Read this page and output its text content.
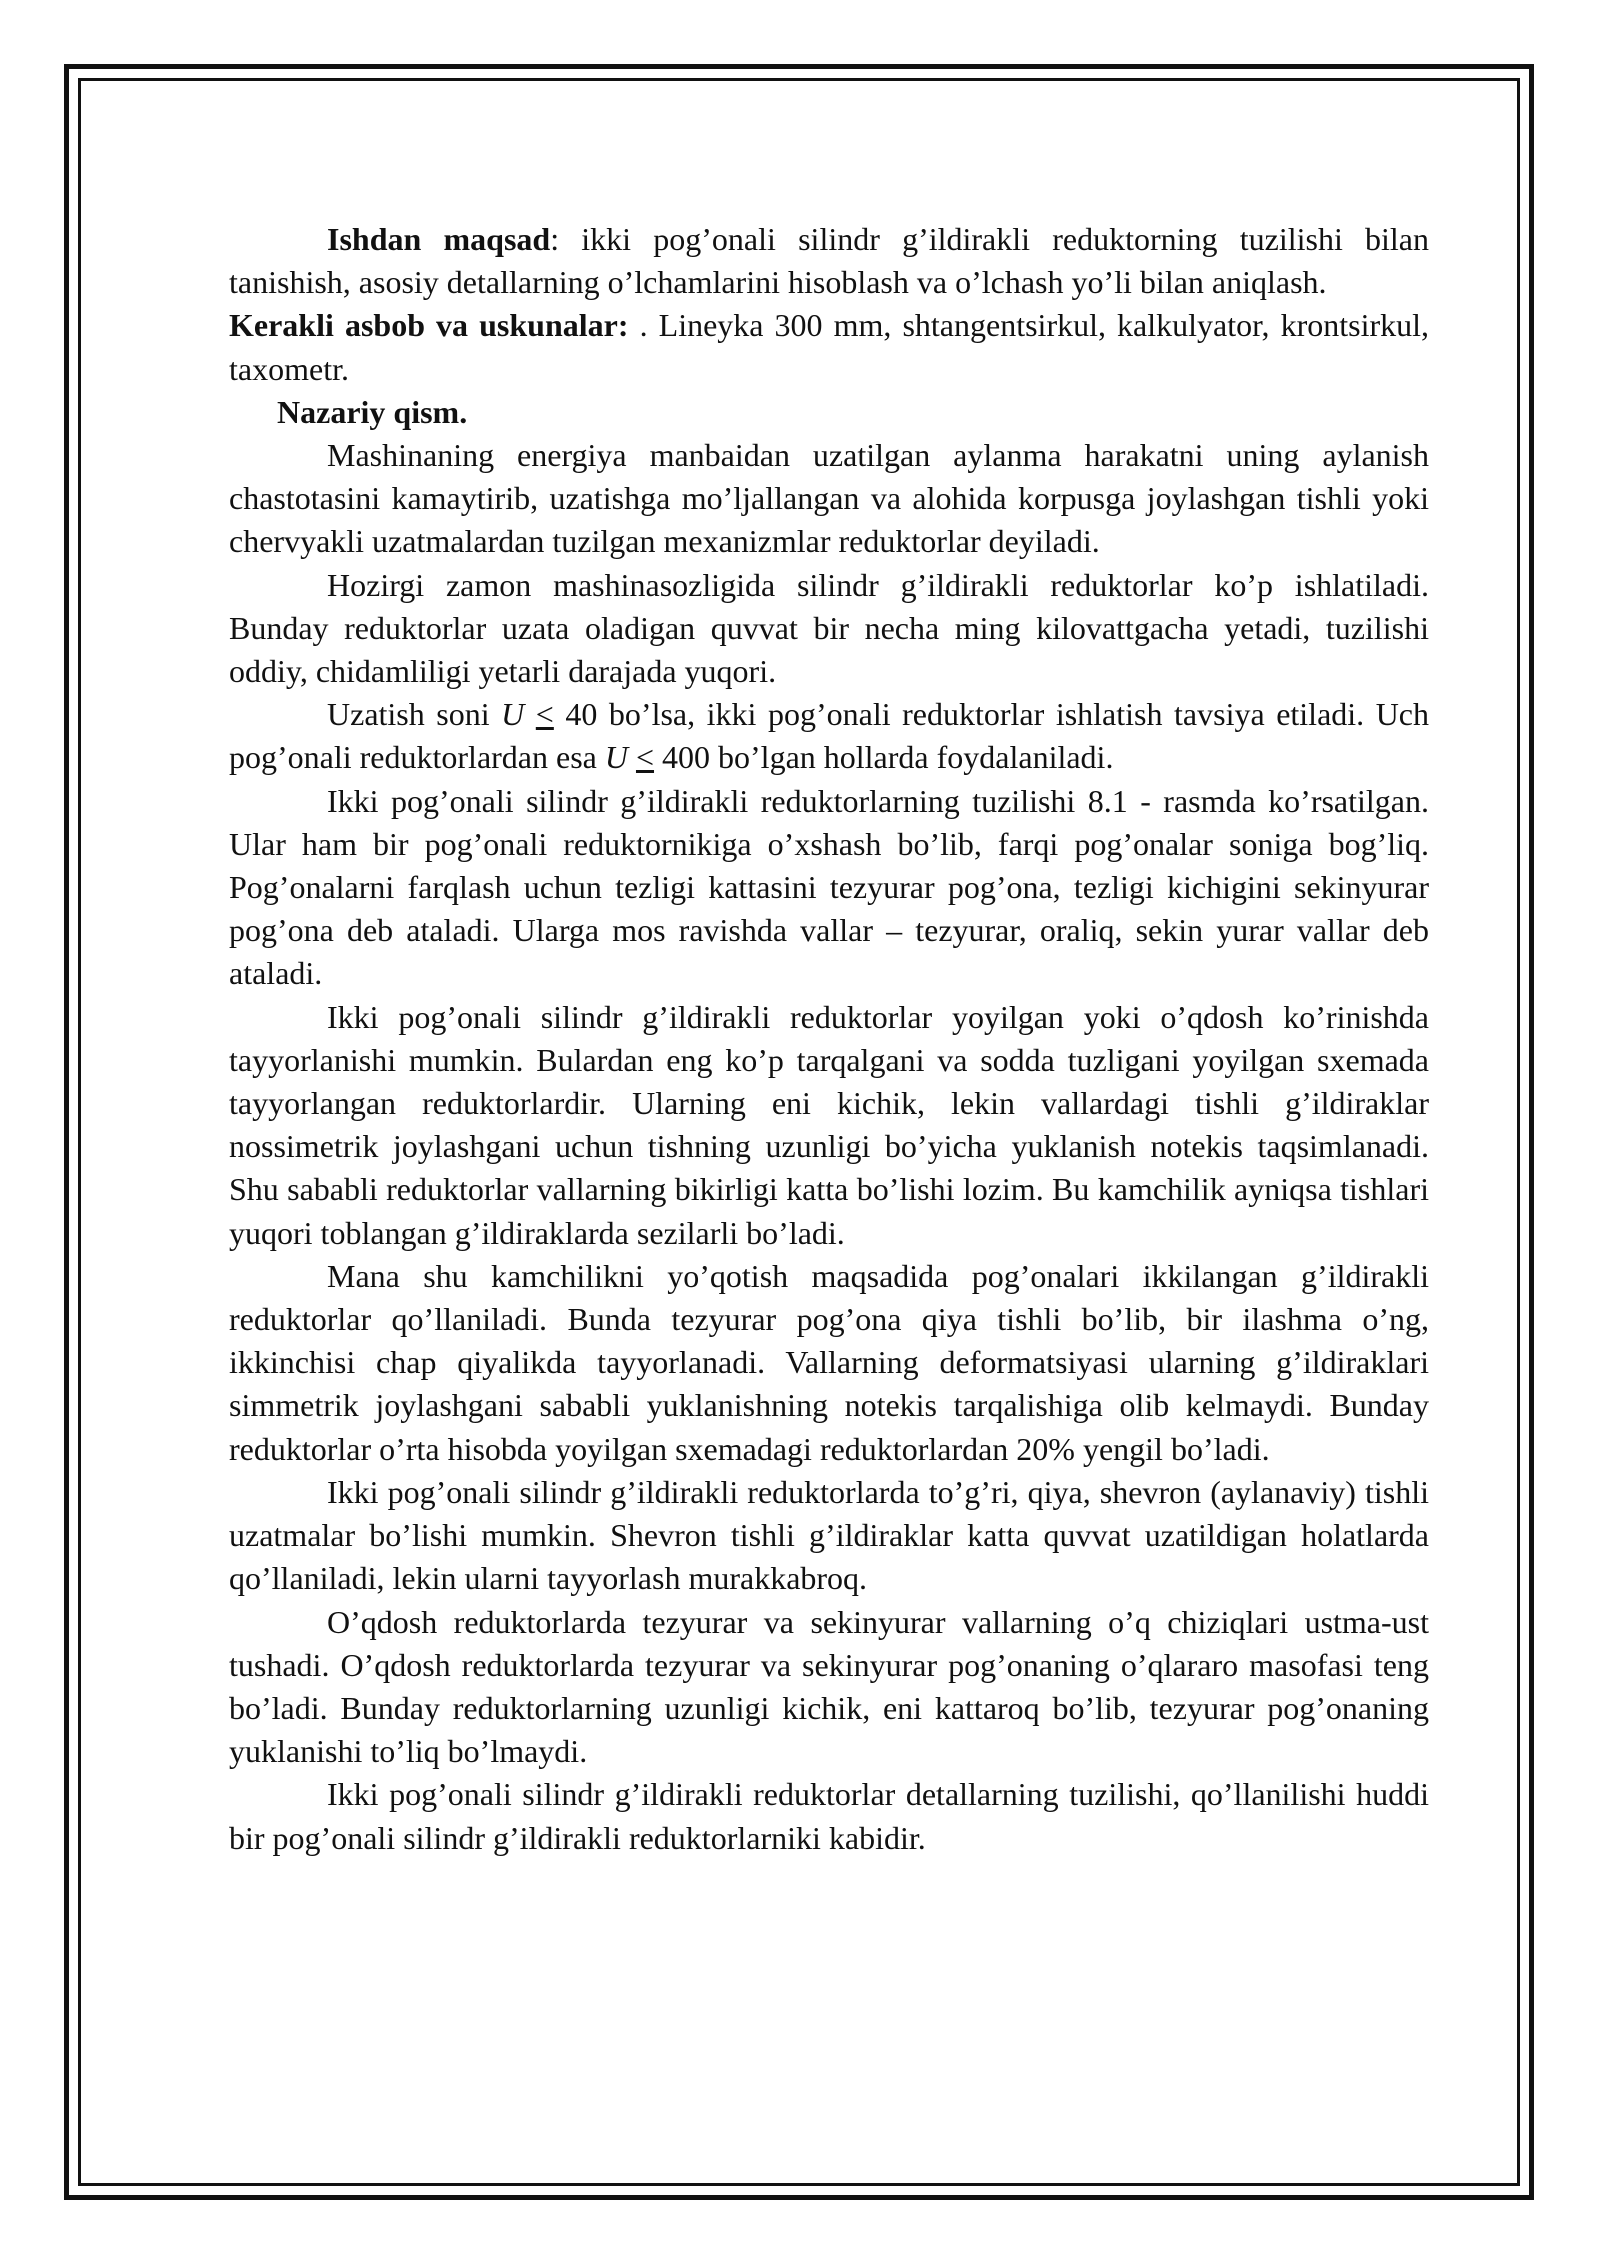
Ishdan maqsad: ikki pog’onali silindr g’ildirakli reduktorning tuzilishi bilan tanishish, asosiy detallarning o’lchamlarini hisoblash va o’lchash yo’li bilan aniqlash.

Kerakli asbob va uskunalar: . Lineyka 300 mm, shtangentsirkul, kalkulyator, krontsirkul, taxometr.

Nazariy qism.

Mashinaning energiya manbaidan uzatilgan aylanma harakatni uning aylanish chastotasini kamaytirib, uzatishga mo’ljallangan va alohida korpusga joylashgan tishli yoki chervyakli uzatmalardan tuzilgan mexanizmlar reduktorlar deyiladi.

Hozirgi zamon mashinasozligida silindr g’ildirakli reduktorlar ko’p ishlatiladi. Bunday reduktorlar uzata oladigan quvvat bir necha ming kilovattgacha yetadi, tuzilishi oddiy, chidamliligi yetarli darajada yuqori.

Uzatish soni U < 40 bo’lsa, ikki pog’onali reduktorlar ishlatish tavsiya etiladi. Uch pog’onali reduktorlardan esa U < 400 bo’lgan hollarda foydalaniladi.

Ikki pog’onali silindr g’ildirakli reduktorlarning tuzilishi 8.1 - rasmda ko’rsatilgan. Ular ham bir pog’onali reduktornikiga o’xshash bo’lib, farqi pog’onalar soniga bog’liq. Pog’onalarni farqlash uchun tezligi kattasini tezyurar pog’ona, tezligi kichigini sekinyurar pog’ona deb ataladi. Ularga mos ravishda vallar – tezyurar, oraliq, sekin yurar vallar deb ataladi.

Ikki pog’onali silindr g’ildirakli reduktorlar yoyilgan yoki o’qdosh ko’rinishda tayyorlanishi mumkin. Bulardan eng ko’p tarqalgani va sodda tuzligani yoyilgan sxemada tayyorlangan reduktorlardir. Ularning eni kichik, lekin vallardagi tishli g’ildiraklar nossimetrik joylashgani uchun tishning uzunligi bo’yicha yuklanish notekis taqsimlanadi. Shu sababli reduktorlar vallarning bikirligi katta bo’lishi lozim. Bu kamchilik ayniqsa tishlari yuqori toblangan g’ildiraklarda sezilarli bo’ladi.

Mana shu kamchilikni yo’qotish maqsadida pog’onalari ikkilangan g’ildirakli reduktorlar qo’llaniladi. Bunda tezyurar pog’ona qiya tishli bo’lib, bir ilashma o’ng, ikkinchisi chap qiyalikda tayyorlanadi. Vallarning deformatsiyasi ularning g’ildiraklari simmetrik joylashgani sababli yuklanishning notekis tarqalishiga olib kelmaydi. Bunday reduktorlar o’rta hisobda yoyilgan sxemadagi reduktorlardan 20% yengil bo’ladi.

Ikki pog’onali silindr g’ildirakli reduktorlarda to’g’ri, qiya, shevron (aylanaviy) tishli uzatmalar bo’lishi mumkin. Shevron tishli g’ildiraklar katta quvvat uzatildigan holatlarda qo’llaniladi, lekin ularni tayyorlash murakkabroq.

O’qdosh reduktorlarda tezyurar va sekinyurar vallarning o’q chiziqlari ustma-ust tushadi. O’qdosh reduktorlarda tezyurar va sekinyurar pog’onaning o’qlararo masofasi teng bo’ladi. Bunday reduktorlarning uzunligi kichik, eni kattaroq bo’lib, tezyurar pog’onaning yuklanishi to’liq bo’lmaydi.

Ikki pog’onali silindr g’ildirakli reduktorlar detallarning tuzilishi, qo’llanilishi huddi bir pog’onali silindr g’ildirakli reduktorlarniki kabidir.
